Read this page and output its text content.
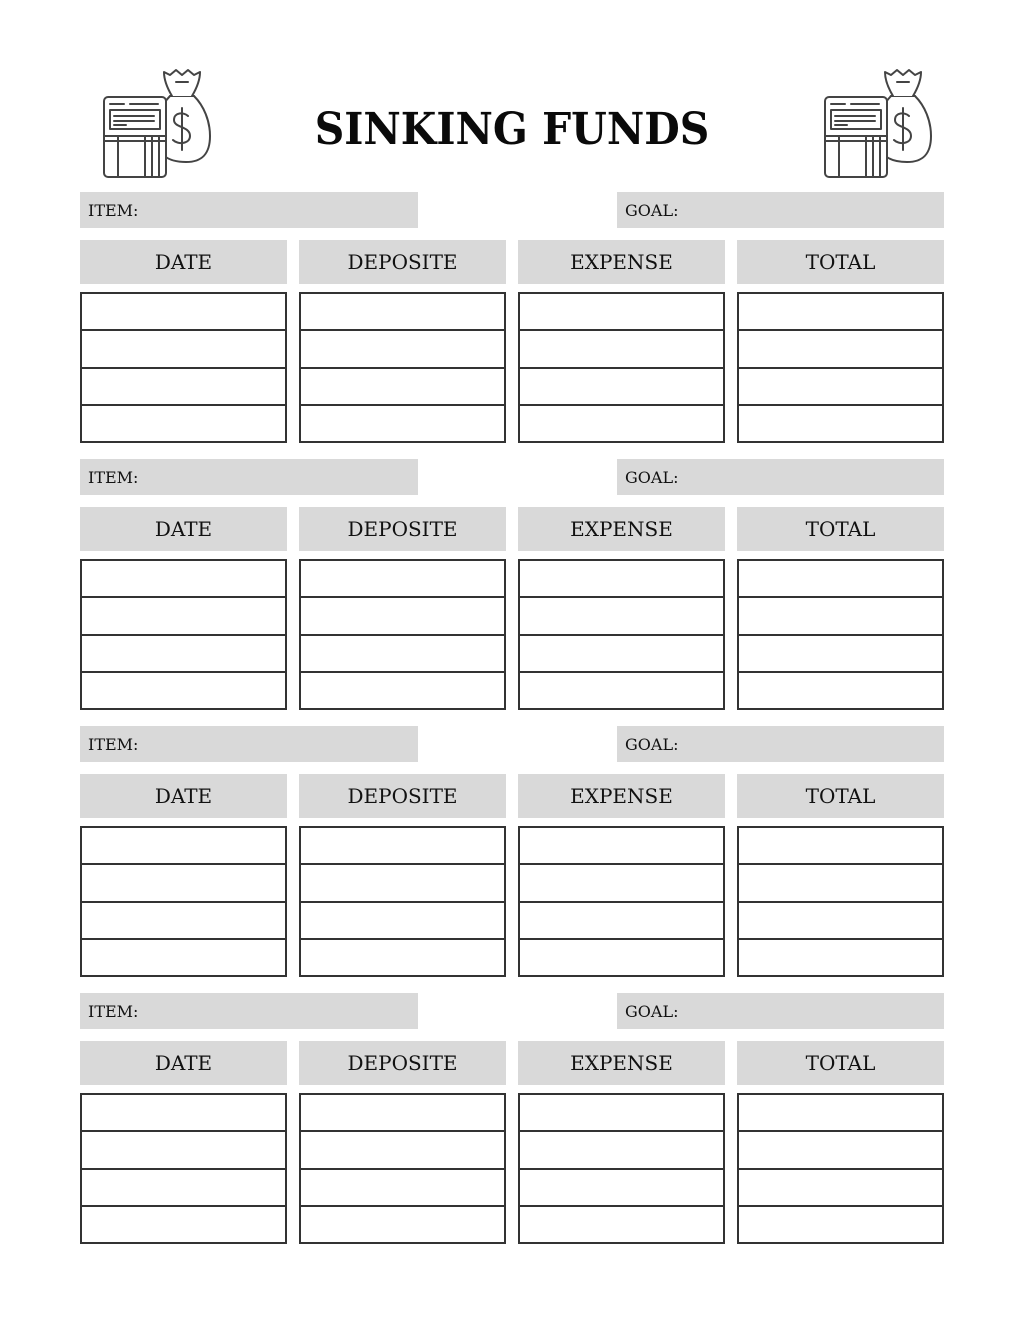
SINKING FUNDS
ITEM:	GOAL:
DATE	DEPOSITE	EXPENSE	TOTAL
ITEM:	GOAL:
DATE	DEPOSITE	EXPENSE	TOTAL
ITEM:	GOAL:
DATE	DEPOSITE	EXPENSE	TOTAL
ITEM:	GOAL:
DATE	DEPOSITE	EXPENSE	TOTAL
